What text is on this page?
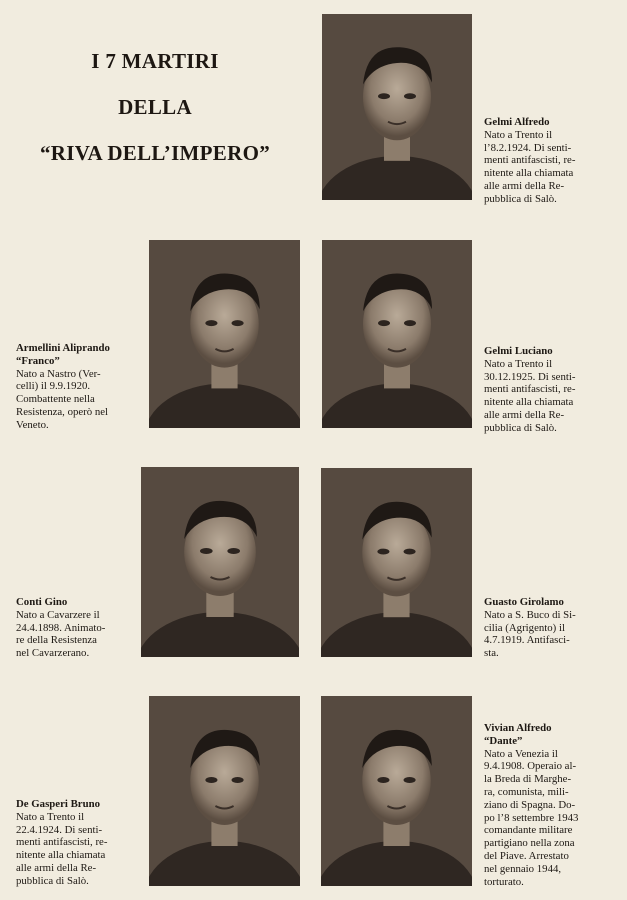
I 7 MARTIRI
DELLA
“RIVA DELL’IMPERO”
Gelmi Alfredo
Nato a Trento il
l’8.2.1924. Di senti-
menti antifascisti, re-
nitente alla chiamata
alle armi della Re-
pubblica di Salò.
Armellini Aliprando
“Franco”
Nato a Nastro (Ver-
celli) il 9.9.1920.
Combattente nella
Resistenza, operò nel
Veneto.
Gelmi Luciano
Nato a Trento il
30.12.1925. Di senti-
menti antifascisti, re-
nitente alla chiamata
alle armi della Re-
pubblica di Salò.
Conti Gino
Nato a Cavarzere il
24.4.1898. Animato-
re della Resistenza
nel Cavarzerano.
Guasto Girolamo
Nato a S. Buco di Si-
cilia (Agrigento) il
4.7.1919. Antifasci-
sta.
De Gasperi Bruno
Nato a Trento il
22.4.1924. Di senti-
menti antifascisti, re-
nitente alla chiamata
alle armi della Re-
pubblica di Salò.
Vivian Alfredo
“Dante”
Nato a Venezia il
9.4.1908. Operaio al-
la Breda di Marghe-
ra, comunista, mili-
ziano di Spagna. Do-
po l’8 settembre 1943
comandante militare
partigiano nella zona
del Piave. Arrestato
nel gennaio 1944,
torturato.
